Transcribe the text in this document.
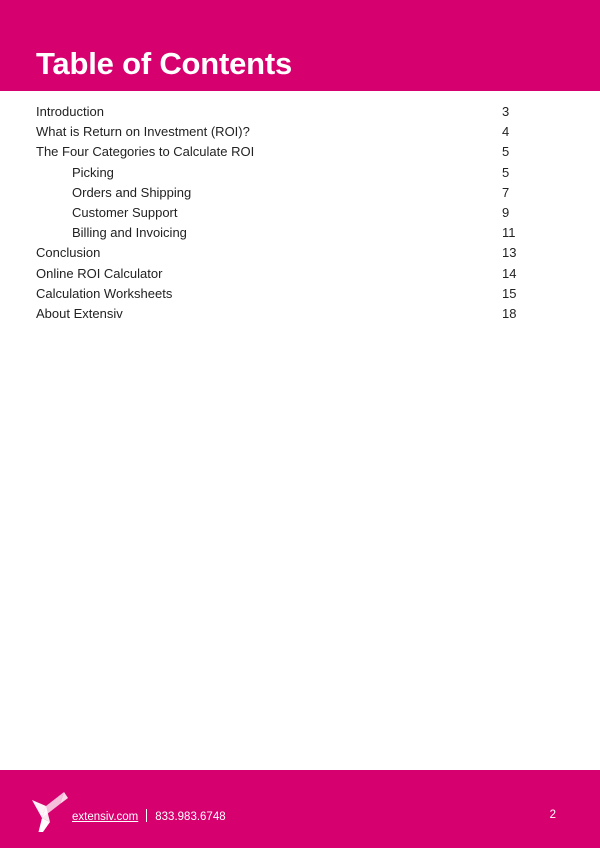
Table of Contents
Introduction	3
What is Return on Investment (ROI)?	4
The Four Categories to Calculate ROI	5
Picking	5
Orders and Shipping	7
Customer Support	9
Billing and Invoicing	11
Conclusion	13
Online ROI Calculator	14
Calculation Worksheets	15
About Extensiv	18
extensiv.com 833.983.6748	2
